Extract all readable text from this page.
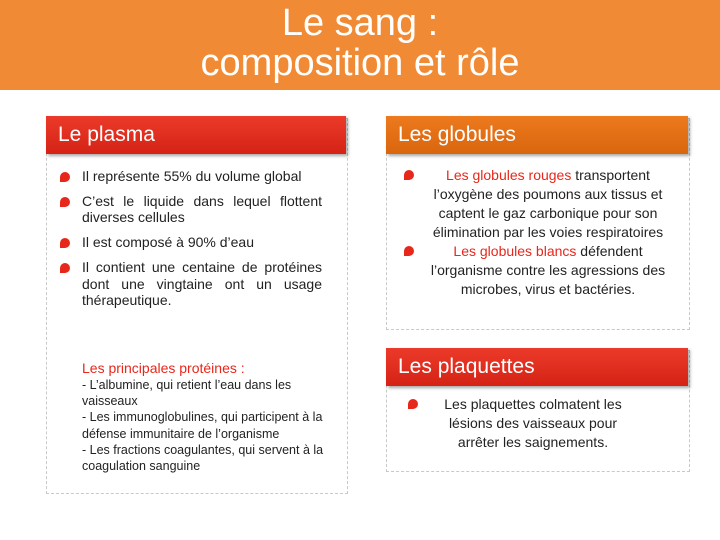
Le sang :
composition et rôle
Le plasma
Il représente 55% du volume global
C’est le liquide dans lequel flottent diverses cellules
Il est composé à 90% d’eau
Il contient une centaine de protéines dont une vingtaine ont un usage thérapeutique.
Les principales protéines :
- L’albumine, qui retient l’eau dans les vaisseaux
- Les immunoglobulines, qui participent à la défense immunitaire de l’organisme
- Les fractions coagulantes, qui servent à la coagulation sanguine
Les globules
Les globules rouges transportent l’oxygène des poumons aux tissus et captent le gaz carbonique pour son élimination par les voies respiratoires
Les globules blancs défendent l’organisme contre les agressions des microbes, virus et bactéries.
Les plaquettes
Les plaquettes colmatent les lésions des vaisseaux pour arrêter les saignements.
